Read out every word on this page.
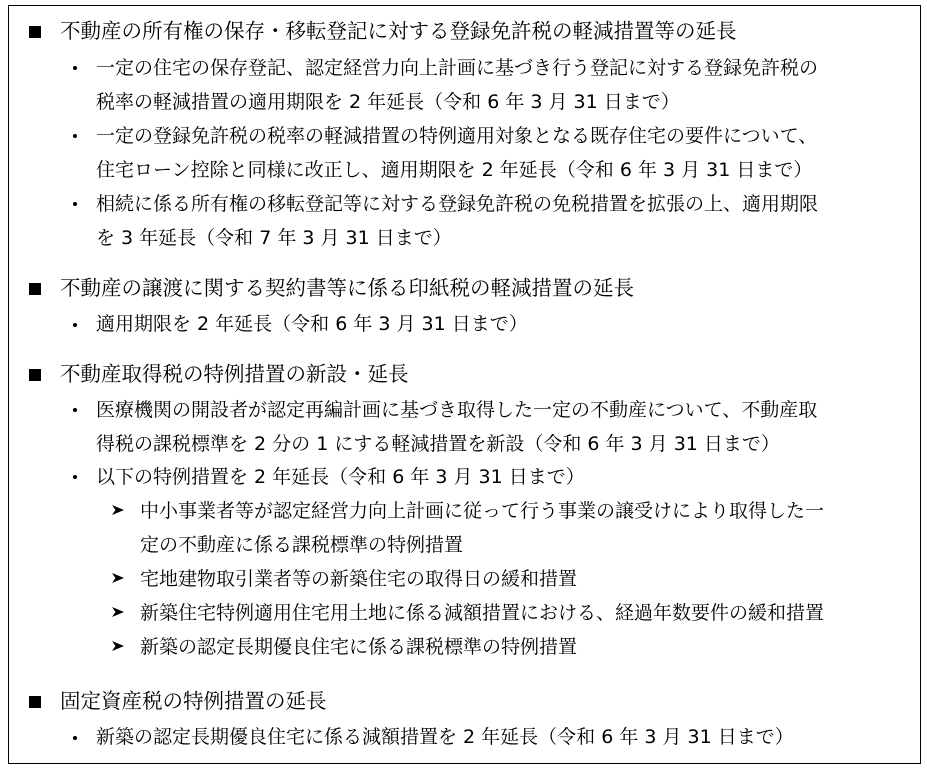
不動産の所有権の保存・移転登記に対する登録免許税の軽減措置等の延長
一定の住宅の保存登記、認定経営力向上計画に基づき行う登記に対する登録免許税の
税率の軽減措置の適用期限を 2 年延長（令和 6 年 3 月 31 日まで）
一定の登録免許税の税率の軽減措置の特例適用対象となる既存住宅の要件について、
住宅ローン控除と同様に改正し、適用期限を 2 年延長（令和 6 年 3 月 31 日まで）
相続に係る所有権の移転登記等に対する登録免許税の免税措置を拡張の上、適用期限
を 3 年延長（令和 7 年 3 月 31 日まで）
不動産の譲渡に関する契約書等に係る印紙税の軽減措置の延長
適用期限を 2 年延長（令和 6 年 3 月 31 日まで）
不動産取得税の特例措置の新設・延長
医療機関の開設者が認定再編計画に基づき取得した一定の不動産について、不動産取
得税の課税標準を 2 分の 1 にする軽減措置を新設（令和 6 年 3 月 31 日まで）
以下の特例措置を 2 年延長（令和 6 年 3 月 31 日まで）
中小事業者等が認定経営力向上計画に従って行う事業の譲受けにより取得した一
定の不動産に係る課税標準の特例措置
宅地建物取引業者等の新築住宅の取得日の緩和措置
新築住宅特例適用住宅用土地に係る減額措置における、経過年数要件の緩和措置
新築の認定長期優良住宅に係る課税標準の特例措置
固定資産税の特例措置の延長
新築の認定長期優良住宅に係る減額措置を 2 年延長（令和 6 年 3 月 31 日まで）
